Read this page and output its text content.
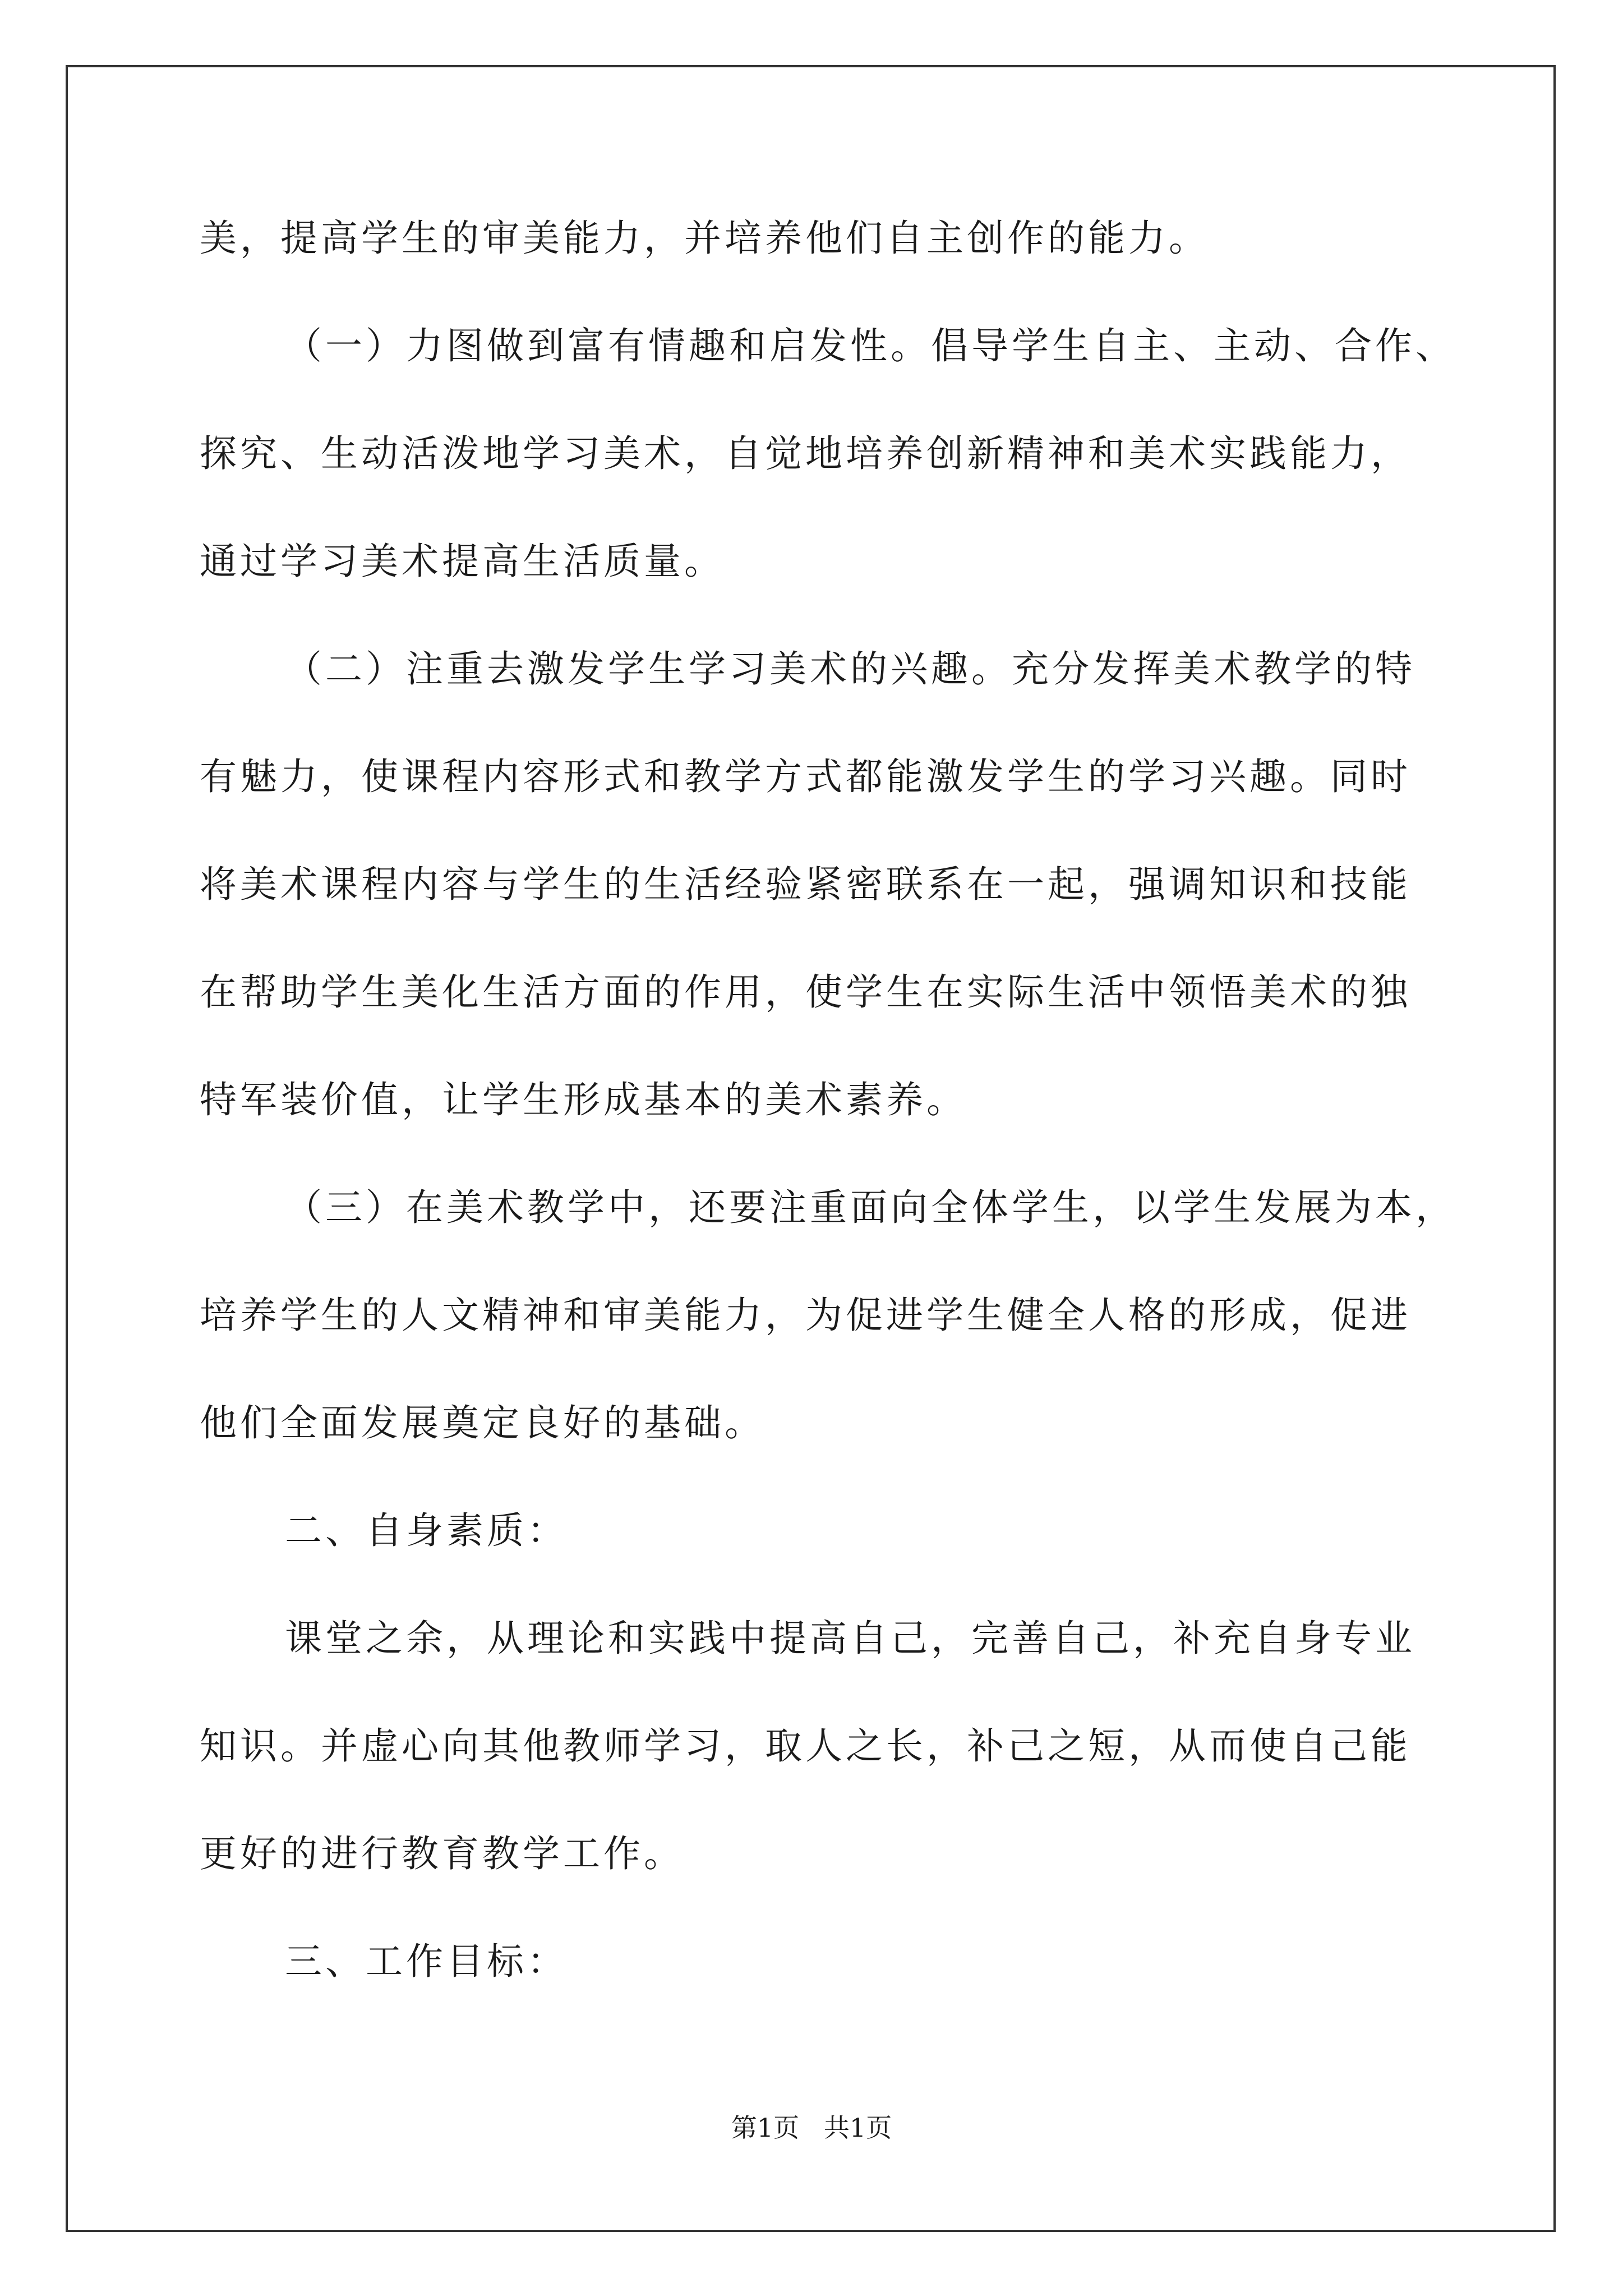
美，提高学生的审美能力，并培养他们自主创作的能力。

（一）力图做到富有情趣和启发性。倡导学生自主、主动、合作、

探究、生动活泼地学习美术，自觉地培养创新精神和美术实践能力，

通过学习美术提高生活质量。

（二）注重去激发学生学习美术的兴趣。充分发挥美术教学的特

有魅力，使课程内容形式和教学方式都能激发学生的学习兴趣。同时

将美术课程内容与学生的生活经验紧密联系在一起，强调知识和技能

在帮助学生美化生活方面的作用，使学生在实际生活中领悟美术的独

特军装价值，让学生形成基本的美术素养。

（三）在美术教学中，还要注重面向全体学生，以学生发展为本，

培养学生的人文精神和审美能力，为促进学生健全人格的形成，促进

他们全面发展奠定良好的基础。

二、自身素质：

课堂之余，从理论和实践中提高自己，完善自己，补充自身专业

知识。并虚心向其他教师学习，取人之长，补己之短，从而使自己能

更好的进行教育教学工作。

三、工作目标：

第1页   共1页
